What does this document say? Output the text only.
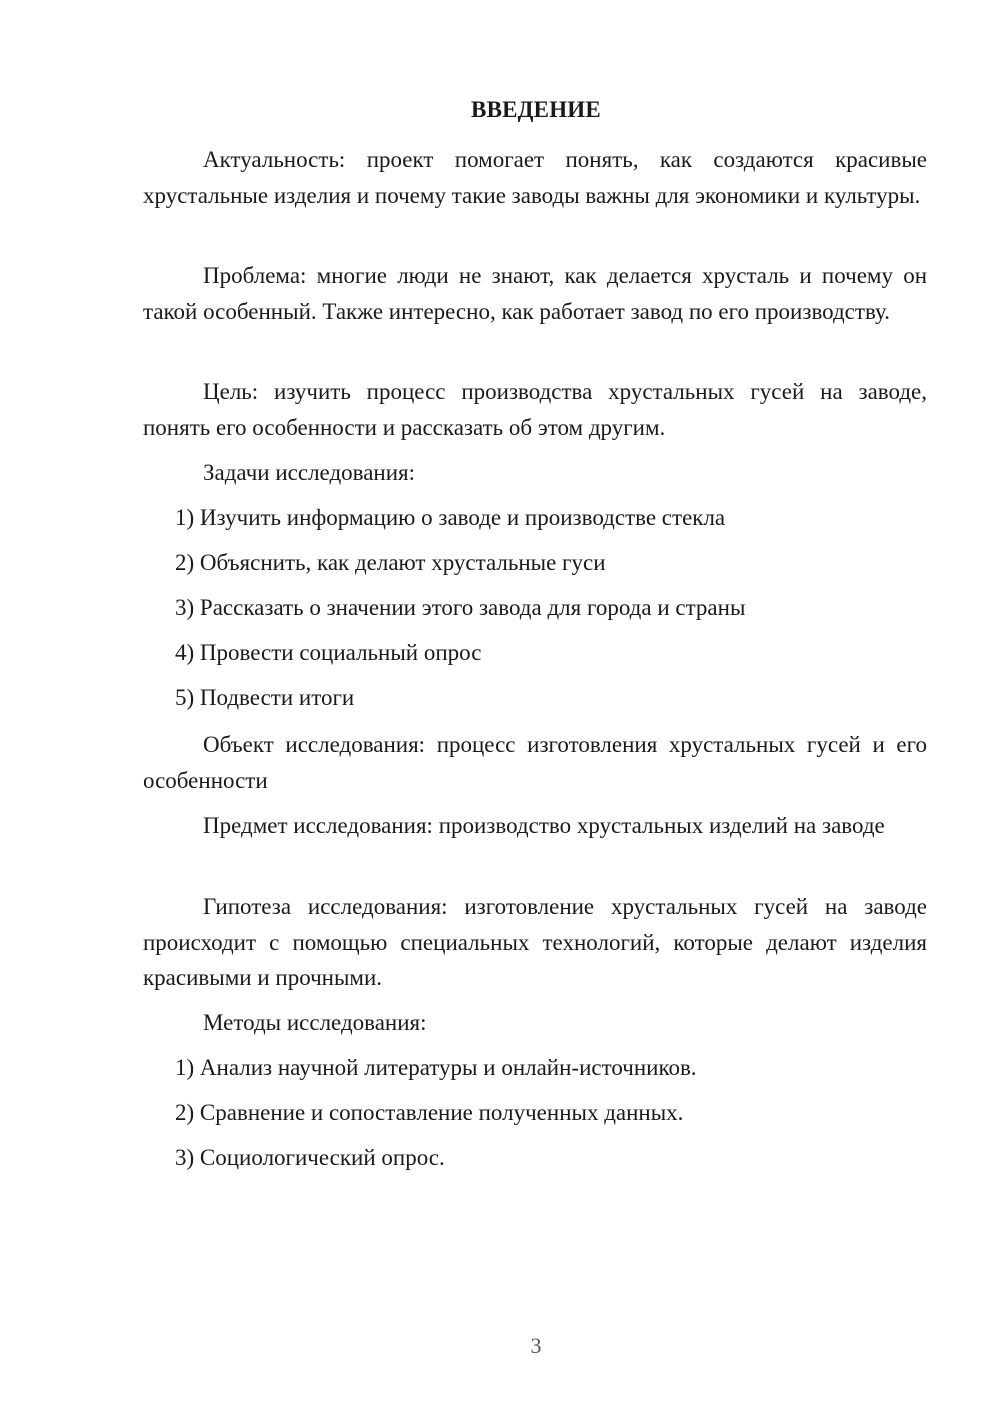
ВВЕДЕНИЕ

Актуальность: проект помогает понять, как создаются красивые хрустальные изделия и почему такие заводы важны для экономики и культуры.

Проблема: многие люди не знают, как делается хрусталь и почему он такой особенный. Также интересно, как работает завод по его производству.

Цель: изучить процесс производства хрустальных гусей на заводе, понять его особенности и рассказать об этом другим.

Задачи исследования:

1) Изучить информацию о заводе и производстве стекла

2) Объяснить, как делают хрустальные гуси

3) Рассказать о значении этого завода для города и страны

4) Провести социальный опрос

5) Подвести итоги

Объект исследования: процесс изготовления хрустальных гусей и его особенности

Предмет исследования: производство хрустальных изделий на заводе

Гипотеза исследования: изготовление хрустальных гусей на заводе происходит с помощью специальных технологий, которые делают изделия красивыми и прочными.

Методы исследования:

1) Анализ научной литературы и онлайн-источников.

2) Сравнение и сопоставление полученных данных.

3) Социологический опрос.

3
